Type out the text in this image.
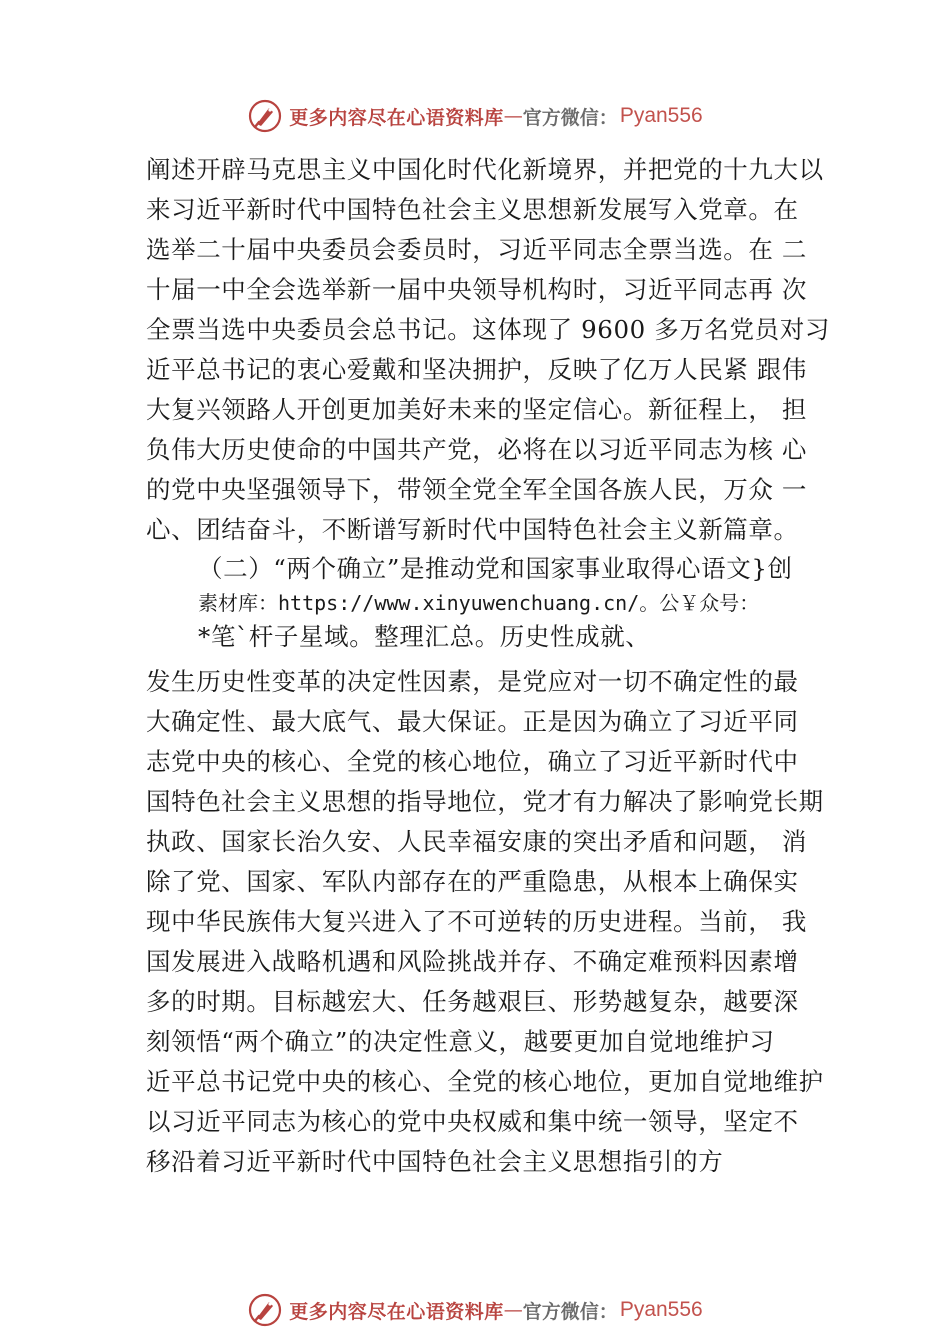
更多内容尽在心语资料库 — 官方微信： Pyan556
阐述开辟马克思主义中国化时代化新境界，并把党的十九大以
来习近平新时代中国特色社会主义思想新发展写入党章。在
选举二十届中央委员会委员时，习近平同志全票当选。在 二
十届一中全会选举新一届中央领导机构时，习近平同志再 次
全票当选中央委员会总书记。这体现了 9600 多万名党员对习
近平总书记的衷心爱戴和坚决拥护，反映了亿万人民紧 跟伟
大复兴领路人开创更加美好未来的坚定信心。新征程上， 担
负伟大历史使命的中国共产党，必将在以习近平同志为核 心
的党中央坚强领导下，带领全党全军全国各族人民，万众 一
心、团结奋斗，不断谱写新时代中国特色社会主义新篇章。
（二）“两个确立”是推动党和国家事业取得心语文}创
素材库：https://www.xinyuwenchuang.cn/。公￥众号：
*笔`杆子星域。整理汇总。历史性成就、
发生历史性变革的决定性因素，是党应对一切不确定性的最
大确定性、最大底气、最大保证。正是因为确立了习近平同
志党中央的核心、全党的核心地位，确立了习近平新时代中
国特色社会主义思想的指导地位，党才有力解决了影响党长期
执政、国家长治久安、人民幸福安康的突出矛盾和问题， 消
除了党、国家、军队内部存在的严重隐患，从根本上确保实
现中华民族伟大复兴进入了不可逆转的历史进程。当前， 我
国发展进入战略机遇和风险挑战并存、不确定难预料因素增
多的时期。目标越宏大、任务越艰巨、形势越复杂，越要深
刻领悟“两个确立”的决定性意义，越要更加自觉地维护习
近平总书记党中央的核心、全党的核心地位，更加自觉地维护
以习近平同志为核心的党中央权威和集中统一领导，坚定不
移沿着习近平新时代中国特色社会主义思想指引的方
更多内容尽在心语资料库 — 官方微信： Pyan556
